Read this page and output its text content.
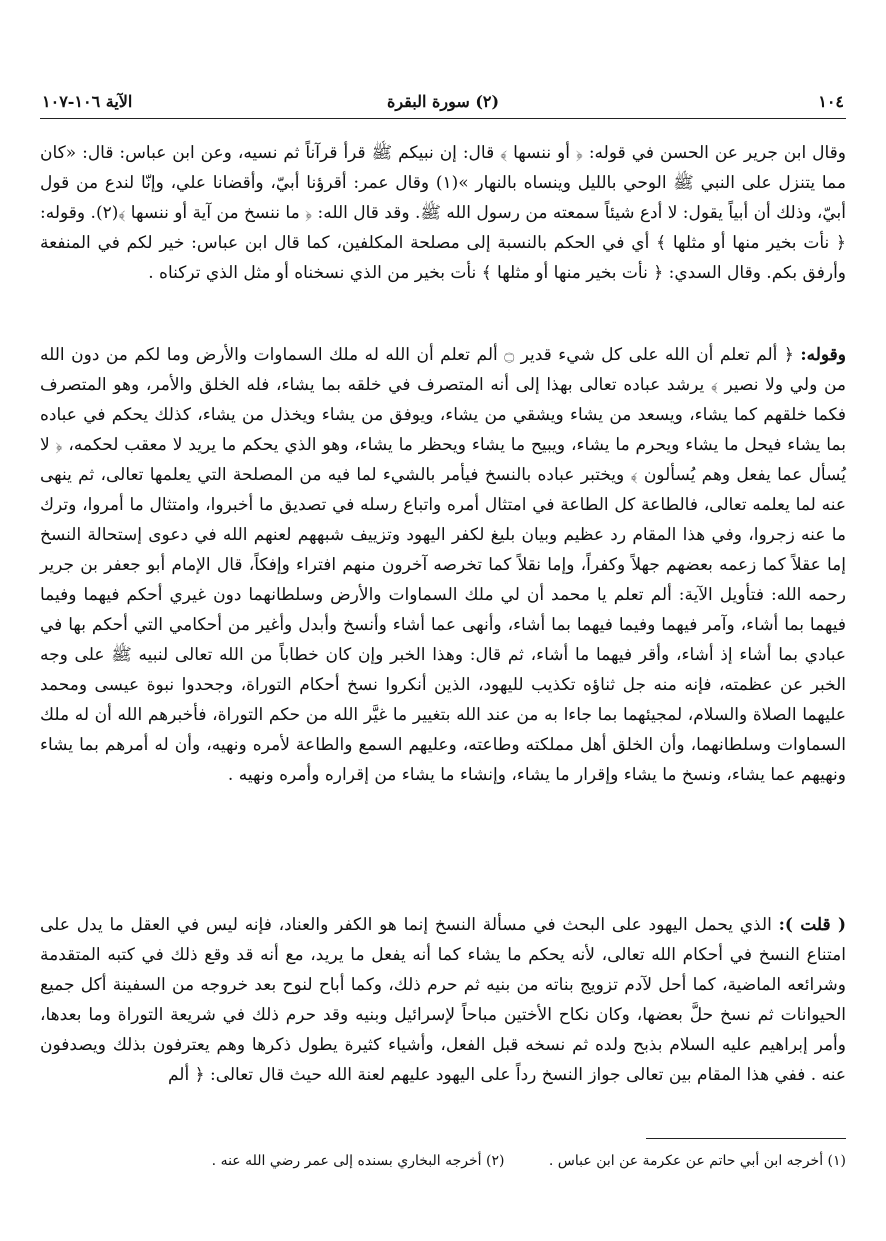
١٠٤
(٢) سورة البقرة
الآية ١٠٦-١٠٧
وقال ابن جرير عن الحسن في قوله: ﴿ أو ننسها ﴾ قال: إن نبيكم ﷺ قرأ قرآناً ثم نسيه، وعن ابن عباس: قال: «كان مما يتنزل على النبي ﷺ الوحي بالليل وينساه بالنهار »(١) وقال عمر: أقرؤنا أبيّ، وأقضانا علي، وإنّا لندع من قول أبيّ، وذلك أن أبياً يقول: لا أدع شيئاً سمعته من رسول الله ﷺ. وقد قال الله: ﴿ ما ننسخ من آية أو ننسها ﴾(٢). وقوله: ﴿ نأت بخير منها أو مثلها ﴾ أي في الحكم بالنسبة إلى مصلحة المكلفين، كما قال ابن عباس: خير لكم في المنفعة وأرفق بكم. وقال السدي: ﴿ نأت بخير منها أو مثلها ﴾ نأت بخير من الذي نسخناه أو مثل الذي تركناه .
وقوله: ﴿ ألم تعلم أن الله على كل شيء قدير ۝ ألم تعلم أن الله له ملك السماوات والأرض وما لكم من دون الله من ولي ولا نصير ﴾ يرشد عباده تعالى بهذا إلى أنه المتصرف في خلقه بما يشاء، فله الخلق والأمر، وهو المتصرف فكما خلقهم كما يشاء، ويسعد من يشاء ويشقي من يشاء، ويوفق من يشاء ويخذل من يشاء، كذلك يحكم في عباده بما يشاء فيحل ما يشاء ويحرم ما يشاء، ويبيح ما يشاء ويحظر ما يشاء، وهو الذي يحكم ما يريد لا معقب لحكمه، ﴿ لا يُسأل عما يفعل وهم يُسألون ﴾ ويختبر عباده بالنسخ فيأمر بالشيء لما فيه من المصلحة التي يعلمها تعالى، ثم ينهى عنه لما يعلمه تعالى، فالطاعة كل الطاعة في امتثال أمره واتباع رسله في تصديق ما أخبروا، وامتثال ما أمروا، وترك ما عنه زجروا، وفي هذا المقام رد عظيم وبيان بليغ لكفر اليهود وتزييف شبههم لعنهم الله في دعوى إستحالة النسخ إما عقلاً كما زعمه بعضهم جهلاً وكفراً، وإما نقلاً كما تخرصه آخرون منهم افتراء وإفكاً، قال الإمام أبو جعفر بن جرير رحمه الله: فتأويل الآية: ألم تعلم يا محمد أن لي ملك السماوات والأرض وسلطانهما دون غيري أحكم فيهما وفيما فيهما بما أشاء، وآمر فيهما وفيما فيهما بما أشاء، وأنهى عما أشاء وأنسخ وأبدل وأغير من أحكامي التي أحكم بها في عبادي بما أشاء إذ أشاء، وأقر فيهما ما أشاء، ثم قال: وهذا الخبر وإن كان خطاباً من الله تعالى لنبيه ﷺ على وجه الخبر عن عظمته، فإنه منه جل ثناؤه تكذيب لليهود، الذين أنكروا نسخ أحكام التوراة، وجحدوا نبوة عيسى ومحمد عليهما الصلاة والسلام، لمجيئهما بما جاءا به من عند الله بتغيير ما غيَّر الله من حكم التوراة، فأخبرهم الله أن له ملك السماوات وسلطانهما، وأن الخلق أهل مملكته وطاعته، وعليهم السمع والطاعة لأمره ونهيه، وأن له أمرهم بما يشاء ونهيهم عما يشاء، ونسخ ما يشاء وإقرار ما يشاء، وإنشاء ما يشاء من إقراره وأمره ونهيه .
( قلت ): الذي يحمل اليهود على البحث في مسألة النسخ إنما هو الكفر والعناد، فإنه ليس في العقل ما يدل على امتناع النسخ في أحكام الله تعالى، لأنه يحكم ما يشاء كما أنه يفعل ما يريد، مع أنه قد وقع ذلك في كتبه المتقدمة وشرائعه الماضية، كما أحل لآدم تزويج بناته من بنيه ثم حرم ذلك، وكما أباح لنوح بعد خروجه من السفينة أكل جميع الحيوانات ثم نسخ حلَّ بعضها، وكان نكاح الأختين مباحاً لإسرائيل وبنيه وقد حرم ذلك في شريعة التوراة وما بعدها، وأمر إبراهيم عليه السلام بذبح ولده ثم نسخه قبل الفعل، وأشياء كثيرة يطول ذكرها وهم يعترفون بذلك ويصدفون عنه . ففي هذا المقام بين تعالى جواز النسخ رداً على اليهود عليهم لعنة الله حيث قال تعالى: ﴿ ألم
(١) أخرجه ابن أبي حاتم عن عكرمة عن ابن عباس . (٢) أخرجه البخاري بسنده إلى عمر رضي الله عنه .
